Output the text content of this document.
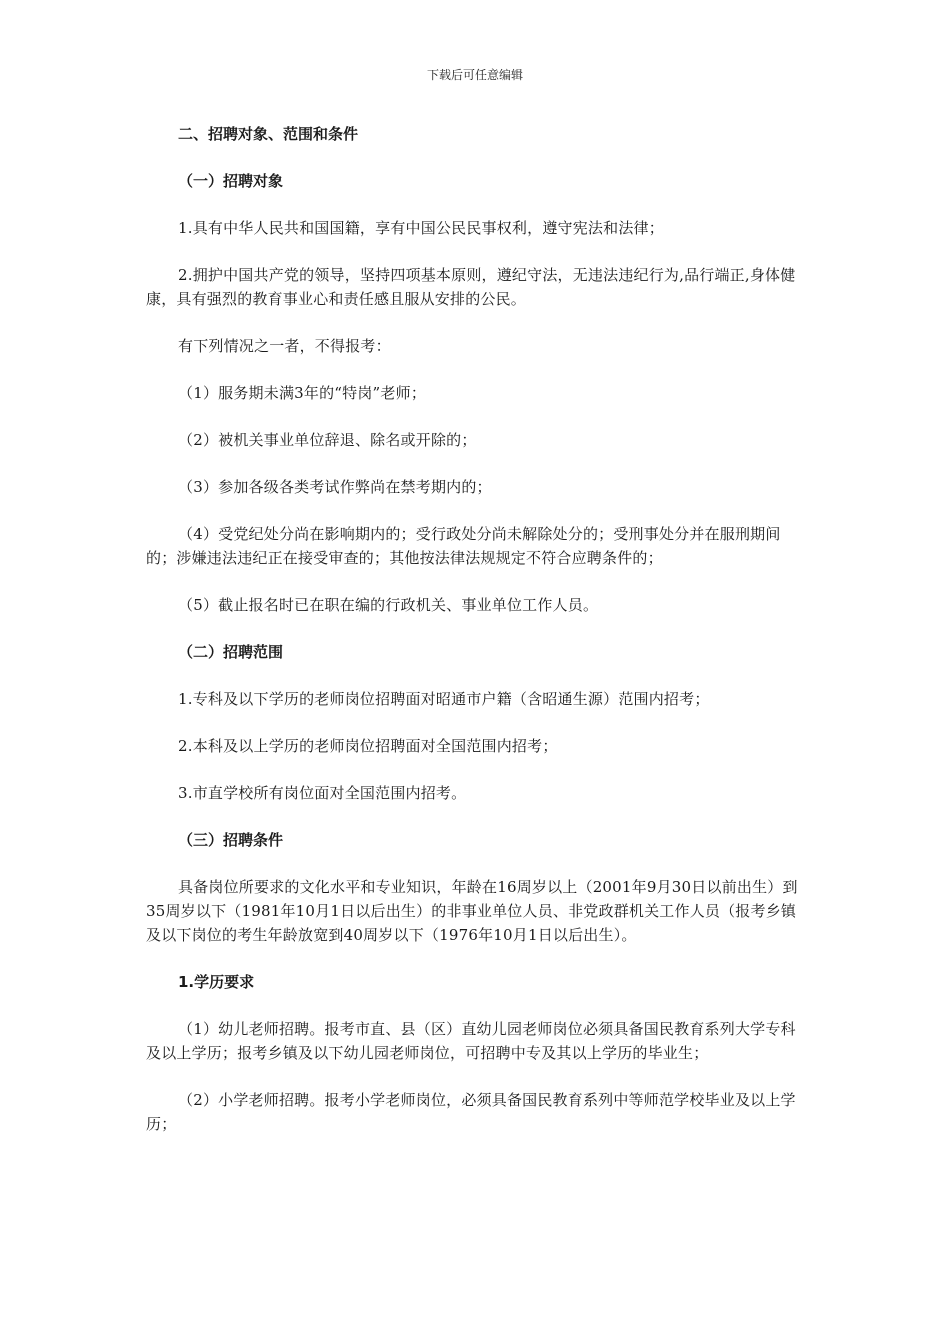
下载后可任意编辑
二、招聘对象、范围和条件
（一）招聘对象
1.具有中华人民共和国国籍，享有中国公民民事权利，遵守宪法和法律；
2.拥护中国共产党的领导，坚持四项基本原则，遵纪守法，无违法违纪行为,品行端正,身体健康，具有强烈的教育事业心和责任感且服从安排的公民。
有下列情况之一者，不得报考：
（1）服务期未满3年的“特岗”老师；
（2）被机关事业单位辞退、除名或开除的；
（3）参加各级各类考试作弊尚在禁考期内的；
（4）受党纪处分尚在影响期内的；受行政处分尚未解除处分的；受刑事处分并在服刑期间的；涉嫌违法违纪正在接受审查的；其他按法律法规规定不符合应聘条件的；
（5）截止报名时已在职在编的行政机关、事业单位工作人员。
（二）招聘范围
1.专科及以下学历的老师岗位招聘面对昭通市户籍（含昭通生源）范围内招考；
2.本科及以上学历的老师岗位招聘面对全国范围内招考；
3.市直学校所有岗位面对全国范围内招考。
（三）招聘条件
具备岗位所要求的文化水平和专业知识，年龄在16周岁以上（2001年9月30日以前出生）到35周岁以下（1981年10月1日以后出生）的非事业单位人员、非党政群机关工作人员（报考乡镇及以下岗位的考生年龄放宽到40周岁以下（1976年10月1日以后出生）。
1.学历要求
（1）幼儿老师招聘。报考市直、县（区）直幼儿园老师岗位必须具备国民教育系列大学专科及以上学历；报考乡镇及以下幼儿园老师岗位，可招聘中专及其以上学历的毕业生；
（2）小学老师招聘。报考小学老师岗位，必须具备国民教育系列中等师范学校毕业及以上学历；
